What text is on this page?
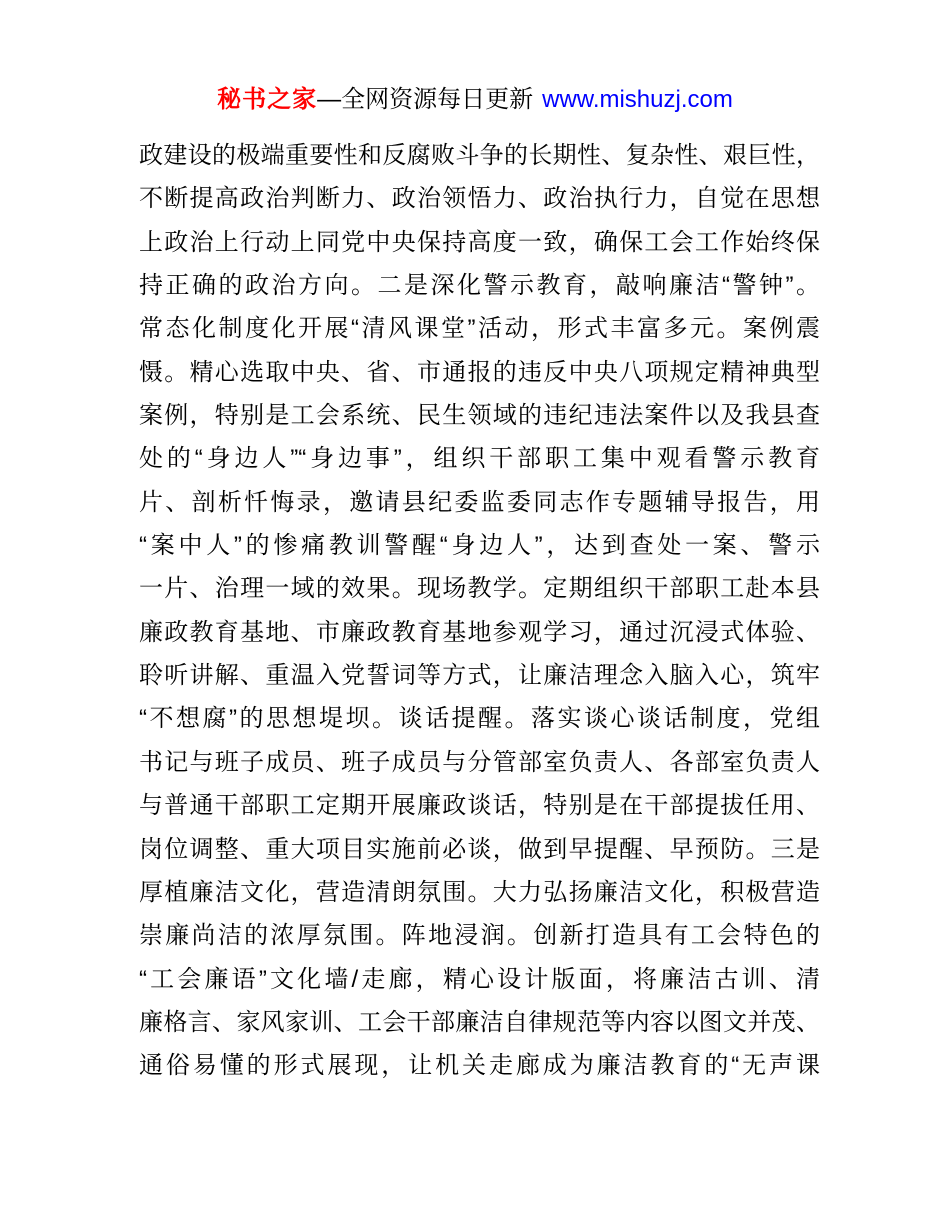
秘书之家—全网资源每日更新 www.mishuzj.com
政建设的极端重要性和反腐败斗争的长期性、复杂性、艰巨性，
不断提高政治判断力、政治领悟力、政治执行力，自觉在思想
上政治上行动上同党中央保持高度一致，确保工会工作始终保
持正确的政治方向。二是深化警示教育，敲响廉洁“警钟”。
常态化制度化开展“清风课堂”活动，形式丰富多元。案例震
慑。精心选取中央、省、市通报的违反中央八项规定精神典型
案例，特别是工会系统、民生领域的违纪违法案件以及我县查
处的“身边人”“身边事”，组织干部职工集中观看警示教育
片、剖析忏悔录，邀请县纪委监委同志作专题辅导报告，用
“案中人”的惨痛教训警醒“身边人”，达到查处一案、警示
一片、治理一域的效果。现场教学。定期组织干部职工赴本县
廉政教育基地、市廉政教育基地参观学习，通过沉浸式体验、
聆听讲解、重温入党誓词等方式，让廉洁理念入脑入心，筑牢
“不想腐”的思想堤坝。谈话提醒。落实谈心谈话制度，党组
书记与班子成员、班子成员与分管部室负责人、各部室负责人
与普通干部职工定期开展廉政谈话，特别是在干部提拔任用、
岗位调整、重大项目实施前必谈，做到早提醒、早预防。三是
厚植廉洁文化，营造清朗氛围。大力弘扬廉洁文化，积极营造
崇廉尚洁的浓厚氛围。阵地浸润。创新打造具有工会特色的
“工会廉语”文化墙/走廊，精心设计版面，将廉洁古训、清
廉格言、家风家训、工会干部廉洁自律规范等内容以图文并茂、
通俗易懂的形式展现，让机关走廊成为廉洁教育的“无声课
